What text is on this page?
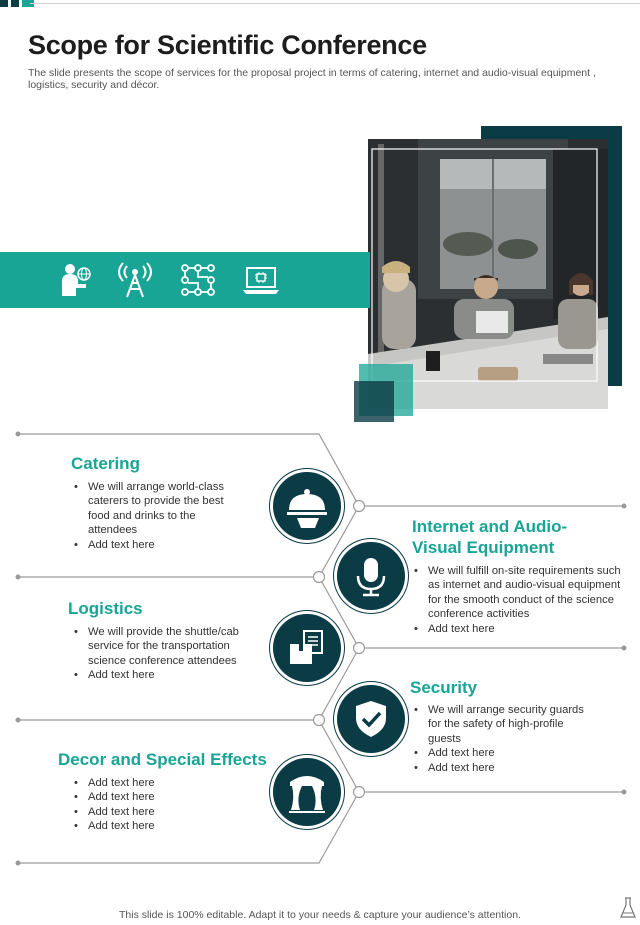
Scope for Scientific Conference
The slide presents the scope of services for the proposal project in terms of catering, internet and audio-visual equipment , logistics, security and décor.
Catering
• We will arrange world-class caterers to provide the best food and drinks to the attendees
• Add text here
Internet and Audio-
Visual Equipment
• We will fulfill on-site requirements such as internet and audio-visual equipment for the smooth conduct of the science conference activities
• Add text here
Logistics
• We will provide the shuttle/cab service for the transportation science conference attendees
• Add text here
Security
• We will arrange security guards for the safety of high-profile guests
• Add text here
• Add text here
Decor and Special Effects
• Add text here
• Add text here
• Add text here
• Add text here
This slide is 100% editable. Adapt it to your needs & capture your audience’s attention.
